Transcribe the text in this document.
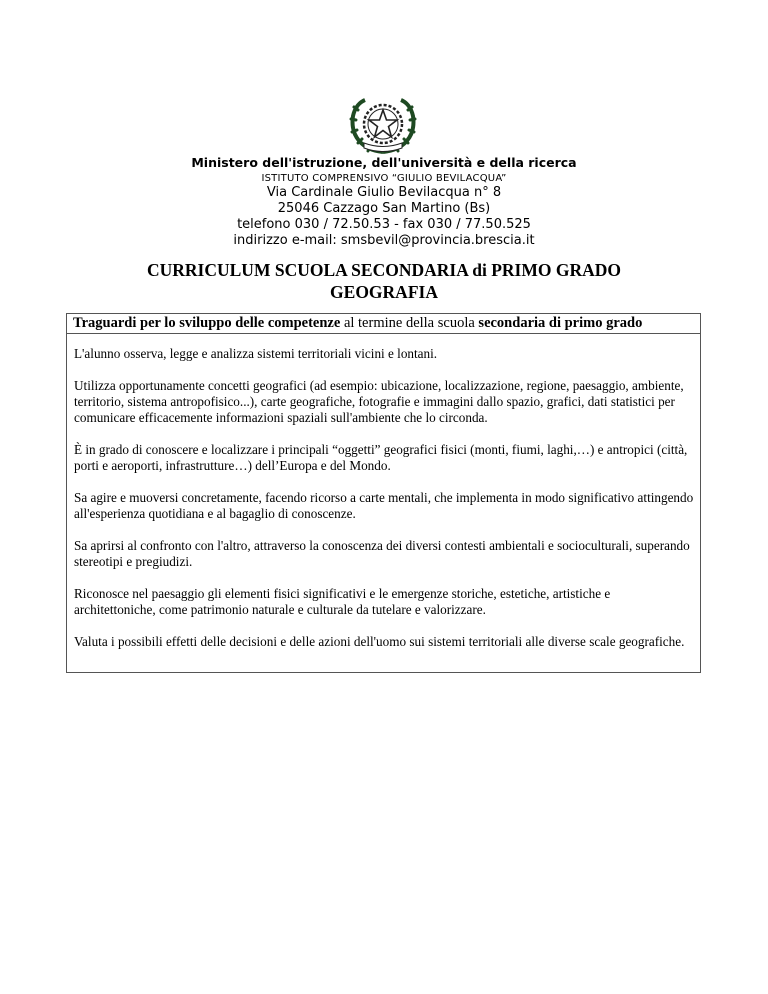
Ministero dell'istruzione, dell'università e della ricerca
ISTITUTO COMPRENSIVO “GIULIO BEVILACQUA”
Via Cardinale Giulio Bevilacqua n° 8
25046 Cazzago San Martino (Bs)
telefono 030 / 72.50.53 - fax 030 / 77.50.525
indirizzo e-mail: smsbevil@provincia.brescia.it
CURRICULUM SCUOLA SECONDARIA di PRIMO GRADO
GEOGRAFIA
Traguardi per lo sviluppo delle competenze al termine della scuola secondaria di primo grado

L'alunno osserva, legge e analizza sistemi territoriali vicini e lontani.

Utilizza opportunamente concetti geografici (ad esempio: ubicazione, localizzazione, regione, paesaggio, ambiente, territorio, sistema antropofisico...), carte geografiche, fotografie e immagini dallo spazio, grafici, dati statistici per comunicare efficacemente informazioni spaziali sull'ambiente che lo circonda.

È in grado di conoscere e localizzare i principali “oggetti” geografici fisici (monti, fiumi, laghi,…) e antropici (città, porti e aeroporti, infrastrutture…) dell’Europa e del Mondo.

Sa agire e muoversi concretamente, facendo ricorso a carte mentali, che implementa in modo significativo attingendo all'esperienza quotidiana e al bagaglio di conoscenze.

Sa aprirsi al confronto con l'altro, attraverso la conoscenza dei diversi contesti ambientali e socioculturali, superando stereotipi e pregiudizi.

Riconosce nel paesaggio gli elementi fisici significativi e le emergenze storiche, estetiche, artistiche e architettoniche, come patrimonio naturale e culturale da tutelare e valorizzare.

Valuta i possibili effetti delle decisioni e delle azioni dell'uomo sui sistemi territoriali alle diverse scale geografiche.
